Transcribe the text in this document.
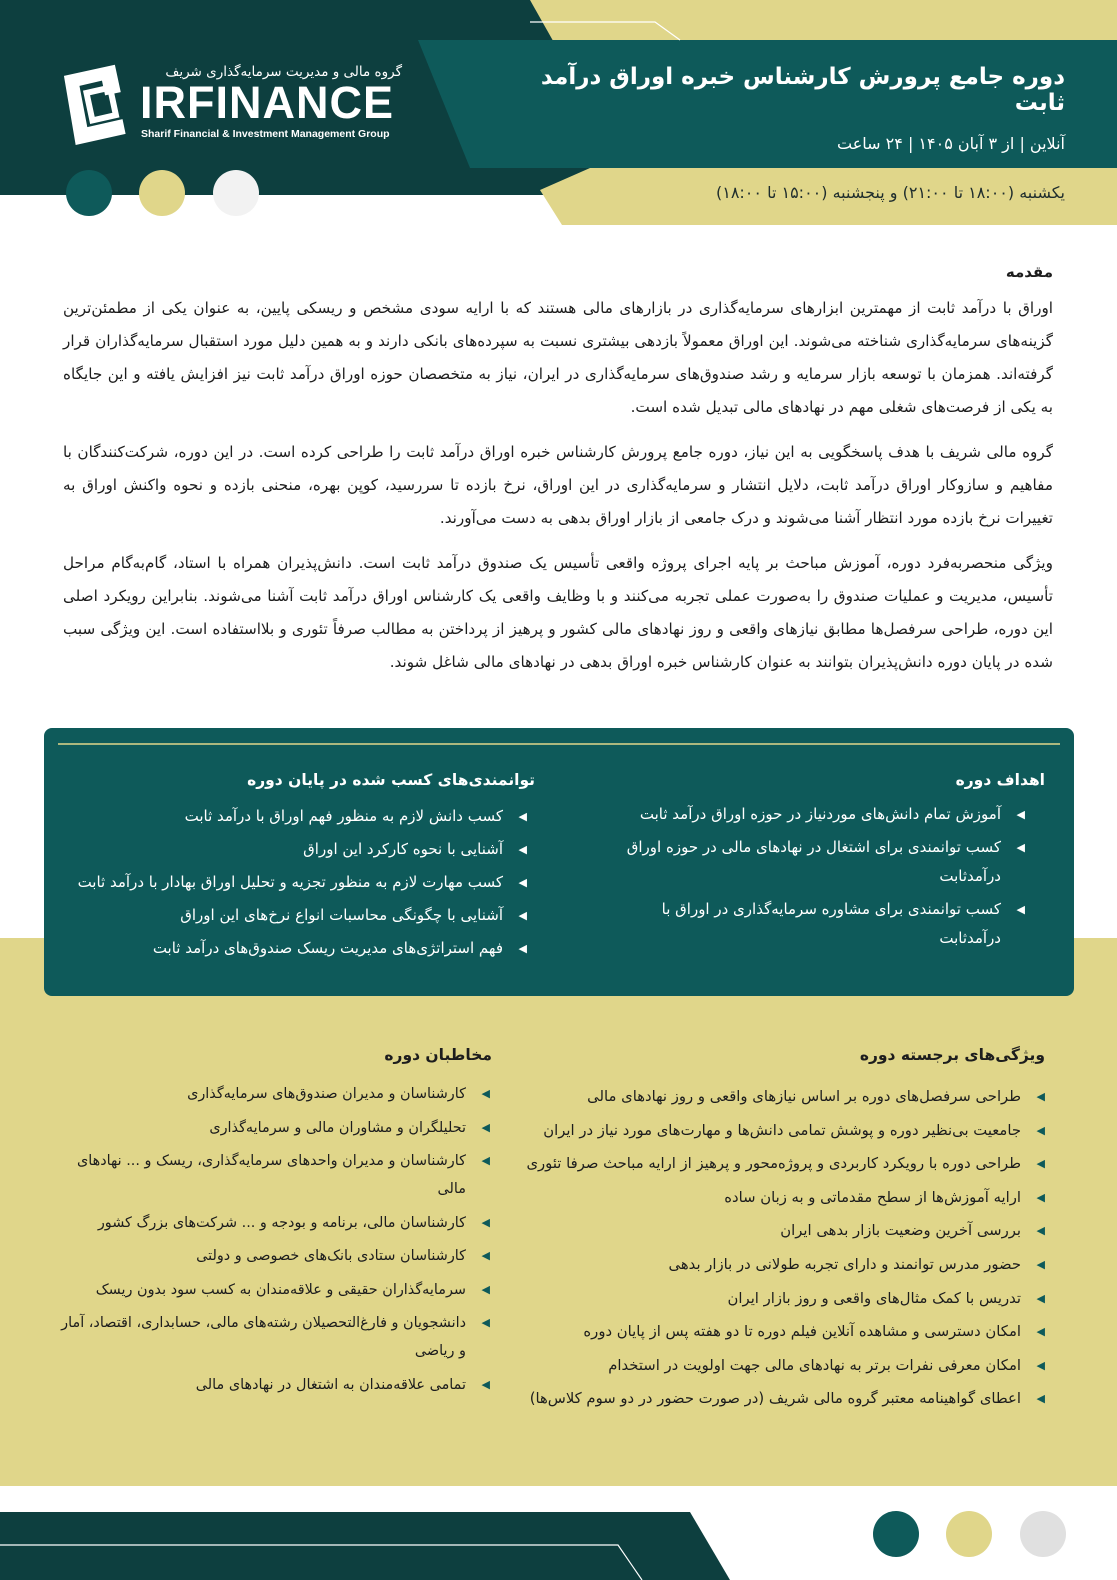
گروه مالی و مدیریت سرمایه‌گذاری شریف
IRFINANCE
Sharif Financial & Investment Management Group
دوره جامع پرورش کارشناس خبره اوراق درآمد ثابت
آنلاین | از ۳ آبان ۱۴۰۵ | ۲۴ ساعت
یکشنبه (۱۸:۰۰ تا ۲۱:۰۰) و پنجشنبه (۱۵:۰۰ تا ۱۸:۰۰)
مقدمه

اوراق با درآمد ثابت از مهمترین ابزارهای سرمایه‌گذاری در بازارهای مالی هستند که با ارایه سودی مشخص و ریسکی پایین، به عنوان یکی از مطمئن‌ترین گزینه‌های سرمایه‌گذاری شناخته می‌شوند. این اوراق معمولاً بازدهی بیشتری نسبت به سپرده‌های بانکی دارند و به همین دلیل مورد استقبال سرمایه‌گذاران قرار گرفته‌اند. همزمان با توسعه بازار سرمایه و رشد صندوق‌های سرمایه‌گذاری در ایران، نیاز به متخصصان حوزه اوراق درآمد ثابت نیز افزایش یافته و این جایگاه به یکی از فرصت‌های شغلی مهم در نهادهای مالی تبدیل شده است.

گروه مالی شریف با هدف پاسخگویی به این نیاز، دوره جامع پرورش کارشناس خبره اوراق درآمد ثابت را طراحی کرده است. در این دوره، شرکت‌کنندگان با مفاهیم و سازوکار اوراق درآمد ثابت، دلایل انتشار و سرمایه‌گذاری در این اوراق، نرخ بازده تا سررسید، کوپن بهره، منحنی بازده و نحوه واکنش اوراق به تغییرات نرخ بازده مورد انتظار آشنا می‌شوند و درک جامعی از بازار اوراق بدهی به دست می‌آورند.

ویژگی منحصربه‌فرد دوره، آموزش مباحث بر پایه اجرای پروژه واقعی تأسیس یک صندوق درآمد ثابت است. دانش‌پذیران همراه با استاد، گام‌به‌گام مراحل تأسیس، مدیریت و عملیات صندوق را به‌صورت عملی تجربه می‌کنند و با وظایف واقعی یک کارشناس اوراق درآمد ثابت آشنا می‌شوند. بنابراین رویکرد اصلی این دوره، طراحی سرفصل‌ها مطابق نیازهای واقعی و روز نهادهای مالی کشور و پرهیز از پرداختن به مطالب صرفاً تئوری و بلااستفاده است. این ویژگی سبب شده در پایان دوره دانش‌پذیران بتوانند به عنوان کارشناس خبره اوراق بدهی در نهادهای مالی شاغل شوند.

اهداف دوره
◀
آموزش تمام دانش‌های موردنیاز در حوزه اوراق درآمد ثابت
◀
کسب توانمندی برای اشتغال در نهادهای مالی در حوزه اوراق درآمدثابت
◀
کسب توانمندی برای مشاوره سرمایه‌گذاری در اوراق با درآمدثابت
توانمندی‌های کسب شده در پایان دوره
◀
کسب دانش لازم به منظور فهم اوراق با درآمد ثابت
◀
آشنایی با نحوه کارکرد این اوراق
◀
کسب مهارت لازم به منظور تجزیه و تحلیل اوراق بهادار با درآمد ثابت
◀
آشنایی با چگونگی محاسبات انواع نرخ‌های این اوراق
◀
فهم استراتژی‌های مدیریت ریسک صندوق‌های درآمد ثابت
ویژگی‌های برجسته دوره
◀
طراحی سرفصل‌های دوره بر اساس نیازهای واقعی و روز نهادهای مالی
◀
جامعیت بی‌نظیر دوره و پوشش تمامی دانش‌ها و مهارت‌های مورد نیاز در ایران
◀
طراحی دوره با رویکرد کاربردی و پروژه‌محور و پرهیز از ارایه مباحث صرفا تئوری
◀
ارایه آموزش‌ها از سطح مقدماتی و به زبان ساده
◀
بررسی آخرین وضعیت بازار بدهی ایران
◀
حضور مدرس توانمند و دارای تجربه طولانی در بازار بدهی
◀
تدریس با کمک مثال‌های واقعی و روز بازار ایران
◀
امکان دسترسی و مشاهده آنلاین فیلم دوره تا دو هفته پس از پایان دوره
◀
امکان معرفی نفرات برتر به نهادهای مالی جهت اولویت در استخدام
◀
اعطای گواهینامه معتبر گروه مالی شریف (در صورت حضور در دو سوم کلاس‌ها)
مخاطبان دوره
◀
کارشناسان و مدیران صندوق‌های سرمایه‌گذاری
◀
تحلیلگران و مشاوران مالی و سرمایه‌گذاری
◀
کارشناسان و مدیران واحدهای سرمایه‌گذاری، ریسک و ... نهادهای مالی
◀
کارشناسان مالی، برنامه و بودجه و ... شرکت‌های بزرگ کشور
◀
کارشناسان ستادی بانک‌های خصوصی و دولتی
◀
سرمایه‌گذاران حقیقی و علاقه‌مندان به کسب سود بدون ریسک
◀
دانشجویان و فارغ‌التحصیلان رشته‌های مالی، حسابداری، اقتصاد، آمار و ریاضی
◀
تمامی علاقه‌مندان به اشتغال در نهادهای مالی
